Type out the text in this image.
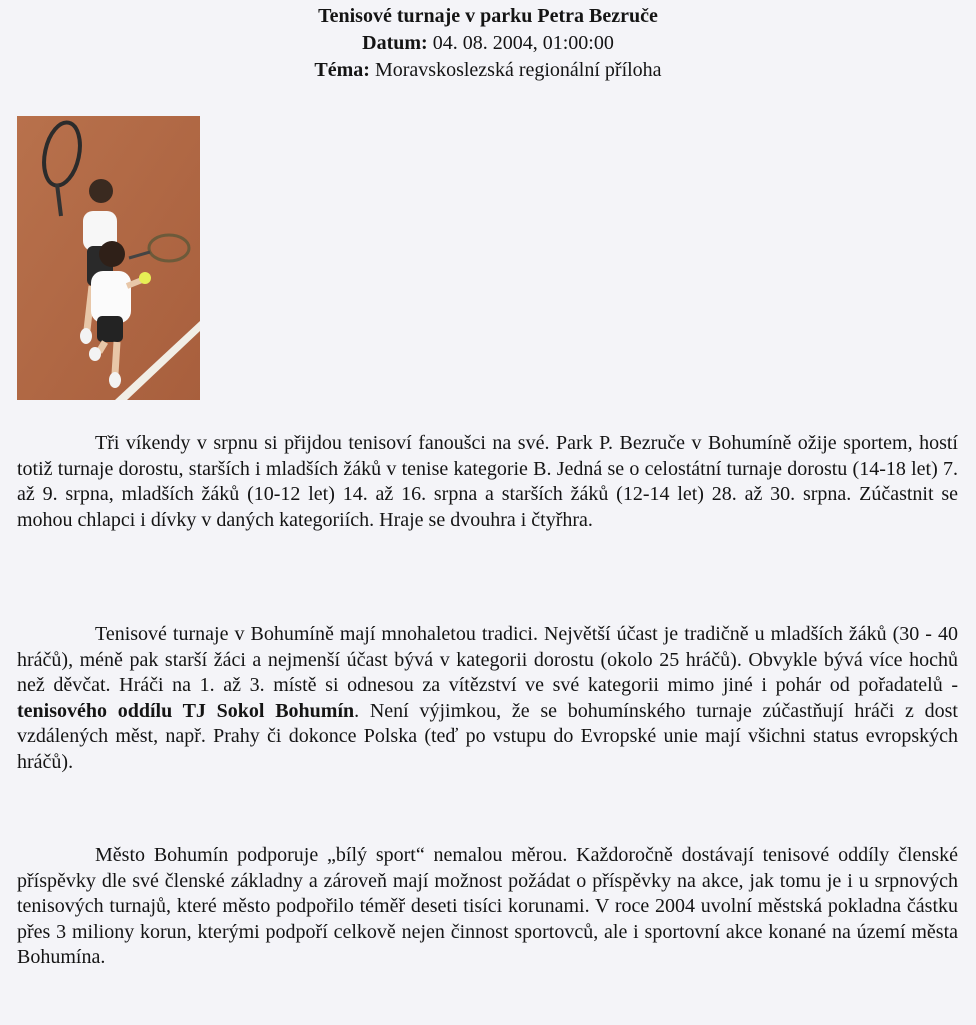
Tenisové turnaje v parku Petra Bezruče
Datum: 04. 08. 2004, 01:00:00
Téma: Moravskoslezská regionální příloha
Tři víkendy v srpnu si přijdou tenisoví fanoušci na své. Park P. Bezruče v Bohumíně ožije sportem, hostí totiž turnaje dorostu, starších i mladších žáků v tenise kategorie B. Jedná se o celostátní turnaje dorostu (14-18 let) 7. až 9. srpna, mladších žáků (10-12 let) 14. až 16. srpna a starších žáků (12-14 let) 28. až 30. srpna. Zúčastnit se mohou chlapci i dívky v daných kategoriích. Hraje se dvouhra i čtyřhra.
Tenisové turnaje v Bohumíně mají mnohaletou tradici. Největší účast je tradičně u mladších žáků (30 - 40 hráčů), méně pak starší žáci a nejmenší účast bývá v kategorii dorostu (okolo 25 hráčů). Obvykle bývá více hochů než děvčat. Hráči na 1. až 3. místě si odnesou za vítězství ve své kategorii mimo jiné i pohár od pořadatelů - tenisového oddílu TJ Sokol Bohumín. Není výjimkou, že se bohumínského turnaje zúčastňují hráči z dost vzdálených měst, např. Prahy či dokonce Polska (teď po vstupu do Evropské unie mají všichni status evropských hráčů).
Město Bohumín podporuje „bílý sport“ nemalou měrou. Každoročně dostávají tenisové oddíly členské příspěvky dle své členské základny a zároveň mají možnost požádat o příspěvky na akce, jak tomu je i u srpnových tenisových turnajů, které město podpořilo téměř deseti tisíci korunami. V roce 2004 uvolní městská pokladna částku přes 3 miliony korun, kterými podpoří celkově nejen činnost sportovců, ale i sportovní akce konané na území města Bohumína.
